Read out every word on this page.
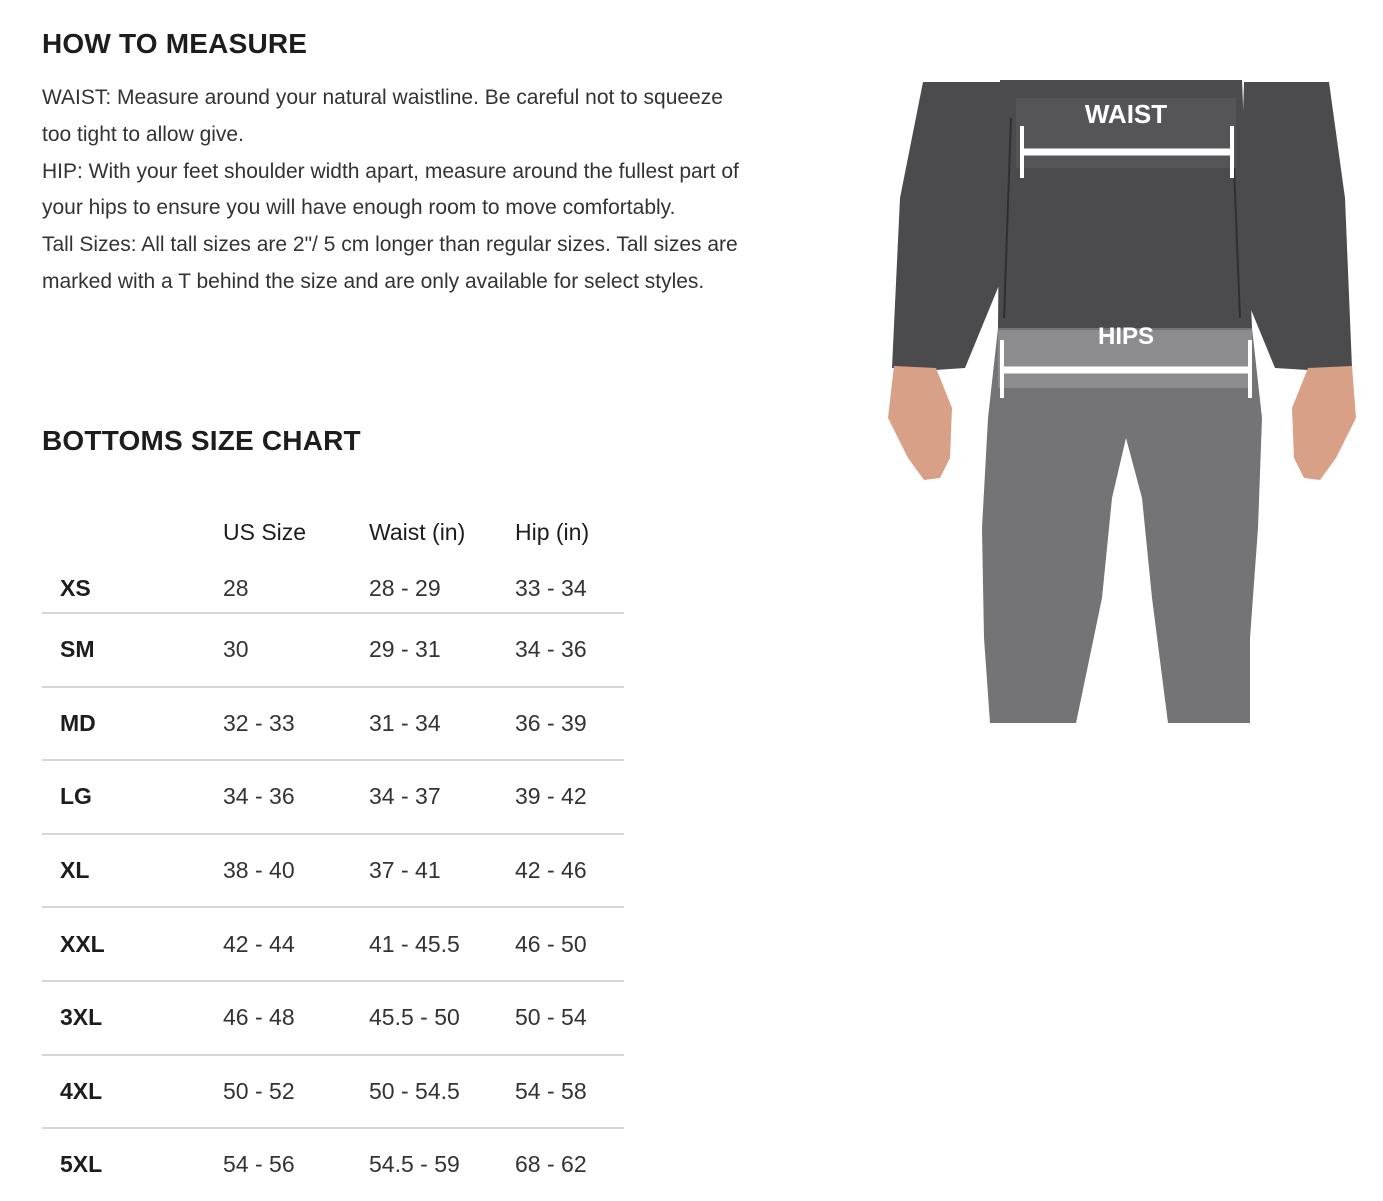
HOW TO MEASURE

WAIST: Measure around your natural waistline. Be careful not to squeeze too tight to allow give.

HIP: With your feet shoulder width apart, measure around the fullest part of your hips to ensure you will have enough room to move comfortably.

Tall Sizes: All tall sizes are 2"/ 5 cm longer than regular sizes. Tall sizes are marked with a T behind the size and are only available for select styles.

BOTTOMS SIZE CHART
	US Size	Waist (in)	Hip (in)
XS	28	28 - 29	33 - 34
SM	30	29 - 31	34 - 36
MD	32 - 33	31 - 34	36 - 39
LG	34 - 36	34 - 37	39 - 42
XL	38 - 40	37 - 41	42 - 46
XXL	42 - 44	41 - 45.5	46 - 50
3XL	46 - 48	45.5 - 50	50 - 54
4XL	50 - 52	50 - 54.5	54 - 58
5XL	54 - 56	54.5 - 59	68 - 62
WAIST
HIPS
